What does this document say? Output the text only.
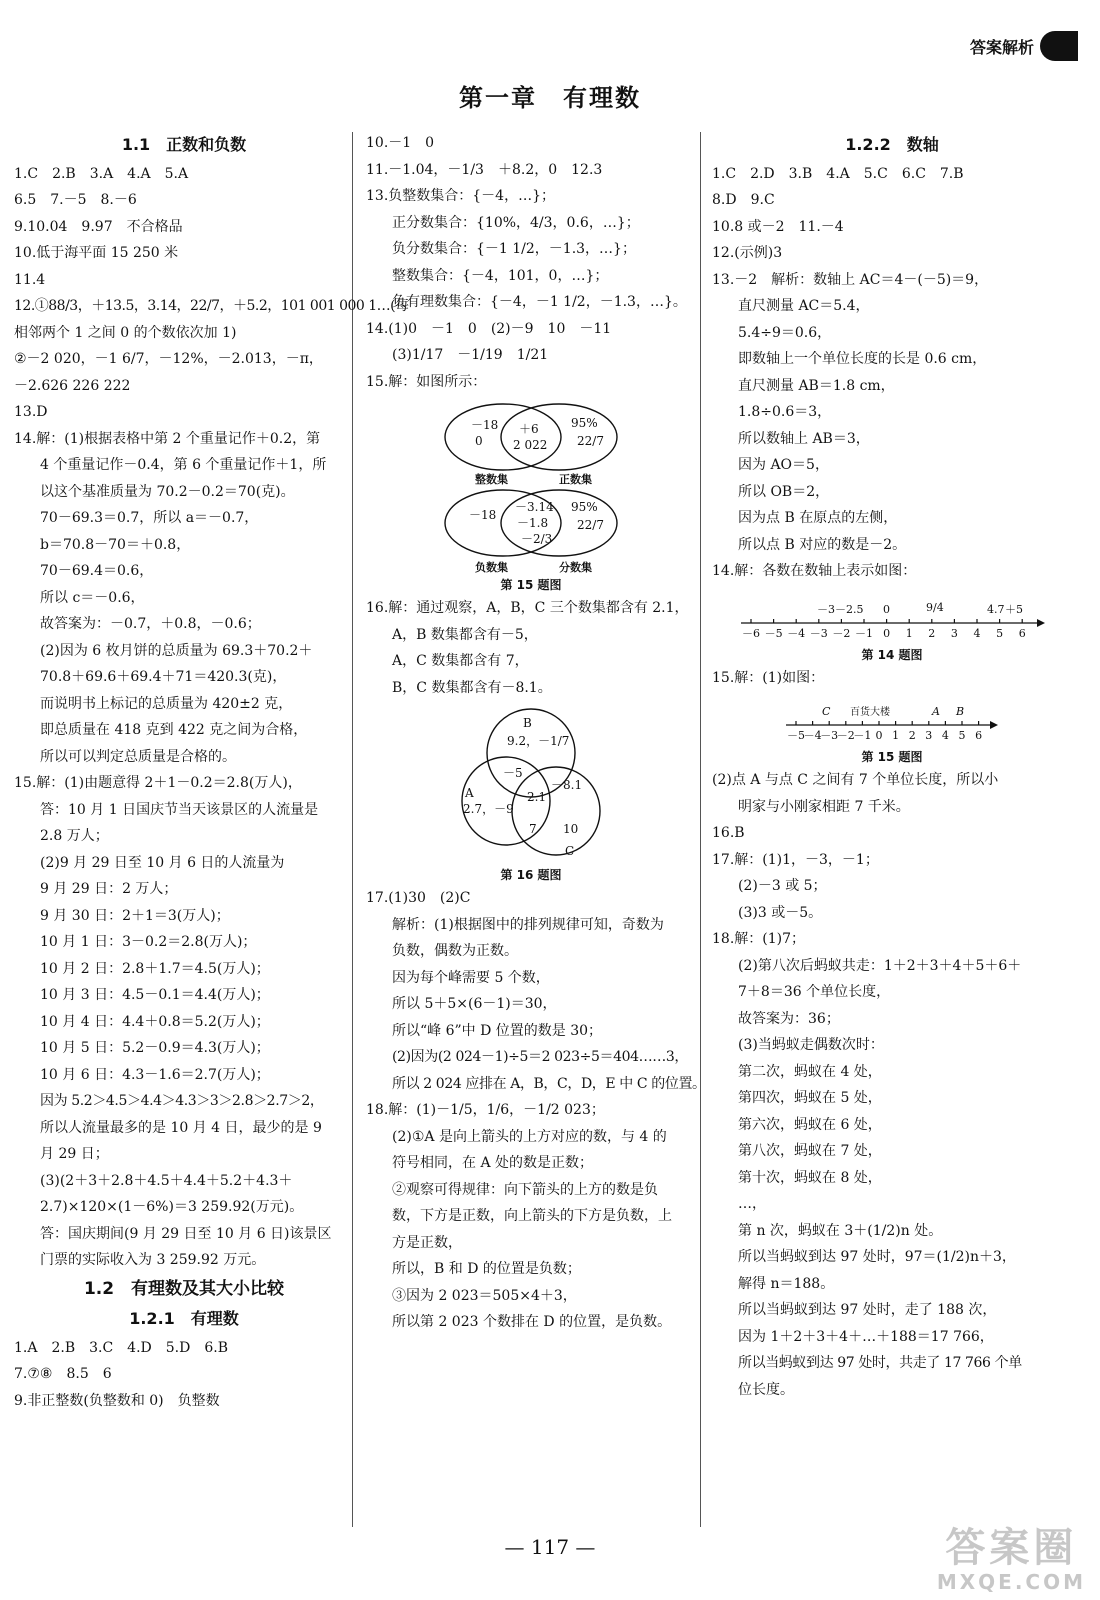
答案解析
第一章　有理数
1.1　正数和负数
1.C　2.B　3.A　4.A　5.A
6.5　7.－5　8.－6
9.10.04　9.97　不合格品
10.低于海平面 15 250 米
11.4
12.①88/3，＋13.5，3.14，22/7，＋5.2，101 001 000 1…(每
相邻两个 1 之间 0 的个数依次加 1)
②－2 020，－1 6/7，－12%，－2.013̇，－π，
－2.626 226 222
13.D
14.解：(1)根据表格中第 2 个重量记作＋0.2，第
4 个重量记作－0.4，第 6 个重量记作＋1，所
以这个基准质量为 70.2－0.2＝70(克)。
70－69.3＝0.7，所以 a＝－0.7，
b＝70.8－70＝＋0.8，
70－69.4＝0.6，
所以 c＝－0.6，
故答案为：－0.7，＋0.8，－0.6；
(2)因为 6 枚月饼的总质量为 69.3＋70.2＋
70.8＋69.6＋69.4＋71＝420.3(克)，
而说明书上标记的总质量为 420±2 克，
即总质量在 418 克到 422 克之间为合格，
所以可以判定总质量是合格的。
15.解：(1)由题意得 2＋1－0.2＝2.8(万人)，
答：10 月 1 日国庆节当天该景区的人流量是
2.8 万人；
(2)9 月 29 日至 10 月 6 日的人流量为
9 月 29 日：2 万人；
9 月 30 日：2＋1＝3(万人)；
10 月 1 日：3－0.2＝2.8(万人)；
10 月 2 日：2.8＋1.7＝4.5(万人)；
10 月 3 日：4.5－0.1＝4.4(万人)；
10 月 4 日：4.4＋0.8＝5.2(万人)；
10 月 5 日：5.2－0.9＝4.3(万人)；
10 月 6 日：4.3－1.6＝2.7(万人)；
因为 5.2＞4.5＞4.4＞4.3＞3＞2.8＞2.7＞2，
所以人流量最多的是 10 月 4 日，最少的是 9
月 29 日；
(3)(2＋3＋2.8＋4.5＋4.4＋5.2＋4.3＋
2.7)×120×(1－6%)＝3 259.92(万元)。
答：国庆期间(9 月 29 日至 10 月 6 日)该景区
门票的实际收入为 3 259.92 万元。
1.2　有理数及其大小比较
1.2.1　有理数
1.A　2.B　3.C　4.D　5.D　6.B
7.⑦⑧　8.5　6
9.非正整数(负整数和 0)　负整数
10.－1　0
11.－1.04，－1/3　＋8.2，0　12.3
13.负整数集合：{－4，…}；
正分数集合：{10%，4/3，0.6，…}；
负分数集合：{－1 1/2，－1.3，…}；
整数集合：{－4，101，0，…}；
负有理数集合：{－4，－1 1/2，－1.3，…}。
14.(1)0　－1　0　(2)－9　10　－11
(3)1/17　－1/19　1/21
15.解：如图所示：
－18
0
＋6
2 022
95%
22/7
整数集	正数集
－18
－3.14
－1.8
－2/3
95%
22/7
负数集	分数集
第 15 题图
16.解：通过观察，A，B，C 三个数集都含有 2.1，
A，B 数集都含有－5，
A，C 数集都含有 7，
B，C 数集都含有－8.1。
B
9.2，－1/7
A
2.7，－9
－5
－8.1
2.1
7 10
C
第 16 题图
17.(1)30　(2)C
解析：(1)根据图中的排列规律可知，奇数为
负数，偶数为正数。
因为每个峰需要 5 个数，
所以 5＋5×(6－1)＝30，
所以“峰 6”中 D 位置的数是 30；
(2)因为(2 024－1)÷5＝2 023÷5＝404……3，
所以 2 024 应排在 A，B，C，D，E 中 C 的位置。
18.解：(1)－1/5，1/6，－1/2 023；
(2)①A 是向上箭头的上方对应的数，与 4 的
符号相同，在 A 处的数是正数；
②观察可得规律：向下箭头的上方的数是负
数，下方是正数，向上箭头的下方是负数，上
方是正数，
所以，B 和 D 的位置是负数；
③因为 2 023＝505×4＋3，
所以第 2 023 个数排在 D 的位置，是负数。
1.2.2　数轴
1.C　2.D　3.B　4.A　5.C　6.C　7.B
8.D　9.C
10.8 或－2　11.－4
12.(示例)3
13.－2　解析：数轴上 AC＝4－(－5)＝9，
直尺测量 AC＝5.4，
5.4÷9＝0.6，
即数轴上一个单位长度的长是 0.6 cm，
直尺测量 AB＝1.8 cm，
1.8÷0.6＝3，
所以数轴上 AB＝3，
因为 AO＝5，
所以 OB＝2，
因为点 B 在原点的左侧，
所以点 B 对应的数是－2。
14.解：各数在数轴上表示如图：
－6 －5 －4 －3 －2 －1 0 1 2 3 4 5 6
－3 －2.5 0	9/4	4.7 ＋5
第 14 题图
15.解：(1)如图：
－5
－4
－3
－2
－1 0 1 2 3 4 5 6
C 百货大楼	A B
第 15 题图
(2)点 A 与点 C 之间有 7 个单位长度，所以小
明家与小刚家相距 7 千米。
16.B
17.解：(1)1，－3，－1；
(2)－3 或 5；
(3)3 或－5。
18.解：(1)7；
(2)第八次后蚂蚁共走：1＋2＋3＋4＋5＋6＋
7＋8＝36 个单位长度，
故答案为：36；
(3)当蚂蚁走偶数次时：
第二次，蚂蚁在 4 处，
第四次，蚂蚁在 5 处，
第六次，蚂蚁在 6 处，
第八次，蚂蚁在 7 处，
第十次，蚂蚁在 8 处，
…，
第 n 次，蚂蚁在 3＋(1/2)n 处。
所以当蚂蚁到达 97 处时，97＝(1/2)n＋3，
解得 n＝188。
所以当蚂蚁到达 97 处时，走了 188 次，
因为 1＋2＋3＋4＋…＋188＝17 766，
所以当蚂蚁到达 97 处时，共走了 17 766 个单
位长度。
— 117 —	答案圈
MXQE.COM
